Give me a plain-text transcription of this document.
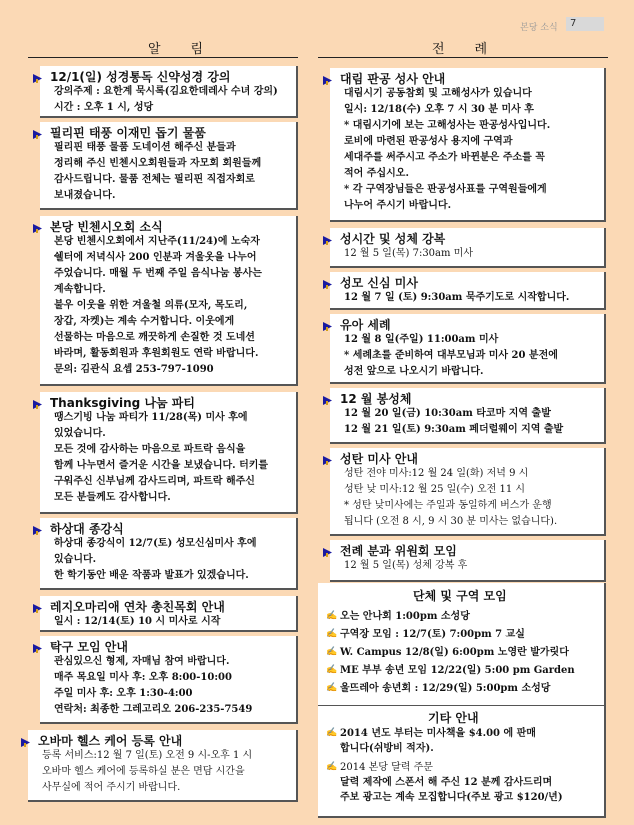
본당 소식	7
알림	전례
12/1(일) 성경통독 신약성경 강의
강의주제 : 요한계 묵시록(김요한데레사 수녀 강의)
시간 : 오후 1 시, 성당
필리핀 태풍 이재민 돕기 물품
필리핀 태풍 물품 도네이션 해주신 분들과
정리해 주신 빈첸시오회원들과 자모회 회원들께
감사드립니다. 물품 전체는 필리핀 직접자회로
보내졌습니다.
본당 빈첸시오회 소식
본당 빈첸시오회에서 지난주(11/24)에 노숙자
쉘터에 저녁식사 200 인분과 겨울옷을 나누어
주었습니다. 매월 두 번째 주일 음식나눔 봉사는
계속합니다.
불우 이웃을 위한 겨울철 의류(모자, 목도리,
장갑, 자켓)는 계속 수거합니다. 이웃에게
선물하는 마음으로 깨끗하게 손질한 것 도네션
바라며, 활동회원과 후원회원도 연락 바랍니다.
문의: 김관식 요셉 253-797-1090
Thanksgiving 나눔 파티
땡스기빙 나눔 파티가 11/28(목) 미사 후에
있었습니다.
모든 것에 감사하는 마음으로 파트락 음식을
함께 나누면서 즐거운 시간을 보냈습니다. 터키를
구워주신 신부님께 감사드리며, 파트락 해주신
모든 분들께도 감사합니다.
하상대 종강식
하상대 종강식이 12/7(토) 성모신심미사 후에
있습니다.
한 학기동안 배운 작품과 발표가 있겠습니다.
레지오마리애 연차 총친목회 안내
일시 : 12/14(토) 10 시 미사로 시작
탁구 모임 안내
관심있으신 형제, 자매님 참여 바랍니다.
매주 목요일 미사 후: 오후 8:00-10:00
주일 미사 후: 오후 1:30-4:00
연락처: 최종한 그레고리오 206-235-7549
오바마 헬스 케어 등록 안내
등록 서비스:12 월 7 일(토) 오전 9 시-오후 1 시
오바마 헬스 케어에 등록하실 분은 면담 시간을
사무실에 적어 주시기 바랍니다.
대림 판공 성사 안내
대림시기 공동참회 및 고해성사가 있습니다
일시: 12/18(수) 오후 7 시 30 분 미사 후
* 대림시기에 보는 고해성사는 판공성사입니다.
로비에 마련된 판공성사 용지에 구역과
세대주를 써주시고 주소가 바뀐분은 주소를 꼭
적어 주십시오.
* 각 구역장님들은 판공성사표를 구역원들에게
나누어 주시기 바랍니다.
성시간 및 성체 강복
12 월 5 일(목) 7:30am 미사
성모 신심 미사
12 월 7 일 (토) 9:30am 묵주기도로 시작합니다.
유아 세례
12 월 8 일(주일) 11:00am 미사
* 세례초를 준비하여 대부모님과 미사 20 분전에
성전 앞으로 나오시기 바랍니다.
12 월 봉성체
12 월 20 일(금) 10:30am 타코마 지역 출발
12 월 21 일(토) 9:30am 페더럴웨이 지역 출발
성탄 미사 안내
성탄 전야 미사:12 월 24 일(화) 저녁 9 시
성탄 낮 미사:12 월 25 일(수) 오전 11 시
* 성탄 낮미사에는 주일과 동일하게 버스가 운행
됩니다 (오전 8 시, 9 시 30 분 미사는 없습니다).
전례 분과 위원회 모임
12 월 5 일(목) 성체 강복 후
단체 및 구역 모임
✍ 오는 안나회 1:00pm 소성당
✍ 구역장 모임 : 12/7(토) 7:00pm 7 교실
✍ W. Campus 12/8(일) 6:00pm 노영란 발가릿다
✍ ME 부부 송년 모임 12/22(일) 5:00 pm Garden
✍ 울뜨레아 송년회 : 12/29(일) 5:00pm 소성당
기타 안내
✍ 2014 년도 부터는 미사책을 $4.00 에 판매
합니다(쉬방비 적자).
✍ 2014 본당 달력 주문
달력 제작에 스폰서 해 주신 12 분께 감사드리며
주보 광고는 계속 모집합니다(주보 광고 $120/년)
